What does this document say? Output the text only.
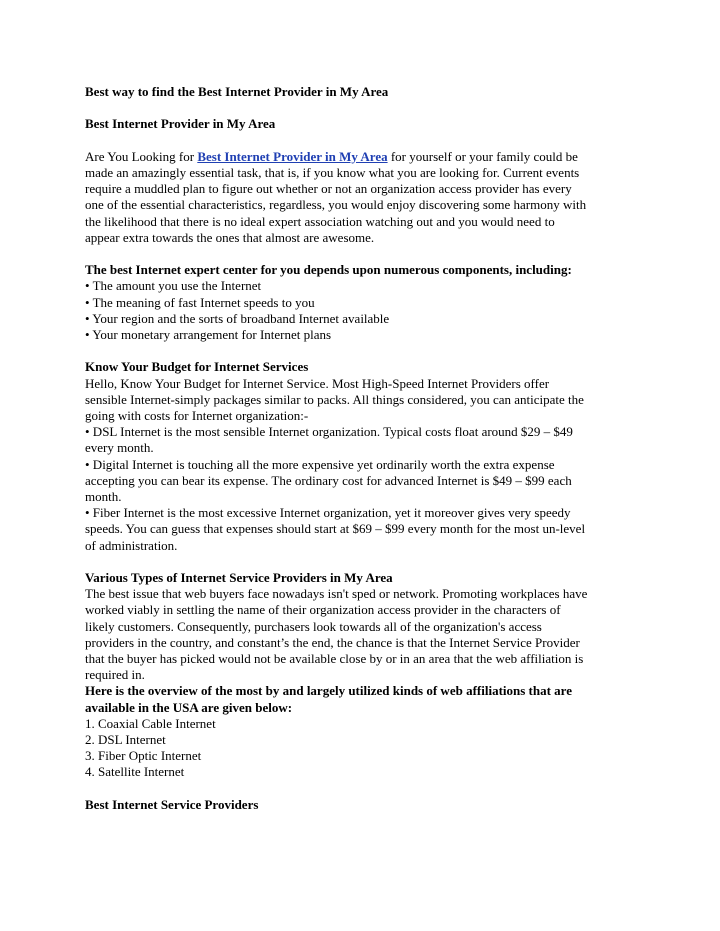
Best way to find the Best Internet Provider in My Area
Best Internet Provider in My Area
Are You Looking for Best Internet Provider in My Area for yourself or your family could be
made an amazingly essential task, that is, if you know what you are looking for. Current events
require a muddled plan to figure out whether or not an organization access provider has every
one of the essential characteristics, regardless, you would enjoy discovering some harmony with
the likelihood that there is no ideal expert association watching out and you would need to
appear extra towards the ones that almost are awesome.
The best Internet expert center for you depends upon numerous components, including:
• The amount you use the Internet
• The meaning of fast Internet speeds to you
• Your region and the sorts of broadband Internet available
• Your monetary arrangement for Internet plans
Know Your Budget for Internet Services
Hello, Know Your Budget for Internet Service. Most High-Speed Internet Providers offer
sensible Internet-simply packages similar to packs. All things considered, you can anticipate the
going with costs for Internet organization:-
• DSL Internet is the most sensible Internet organization. Typical costs float around $29 – $49
every month.
• Digital Internet is touching all the more expensive yet ordinarily worth the extra expense
accepting you can bear its expense. The ordinary cost for advanced Internet is $49 – $99 each
month.
• Fiber Internet is the most excessive Internet organization, yet it moreover gives very speedy
speeds. You can guess that expenses should start at $69 – $99 every month for the most un-level
of administration.
Various Types of Internet Service Providers in My Area
The best issue that web buyers face nowadays isn't sped or network. Promoting workplaces have
worked viably in settling the name of their organization access provider in the characters of
likely customers. Consequently, purchasers look towards all of the organization's access
providers in the country, and constant’s the end, the chance is that the Internet Service Provider
that the buyer has picked would not be available close by or in an area that the web affiliation is
required in.
Here is the overview of the most by and largely utilized kinds of web affiliations that are
available in the USA are given below:
1. Coaxial Cable Internet
2. DSL Internet
3. Fiber Optic Internet
4. Satellite Internet
Best Internet Service Providers
